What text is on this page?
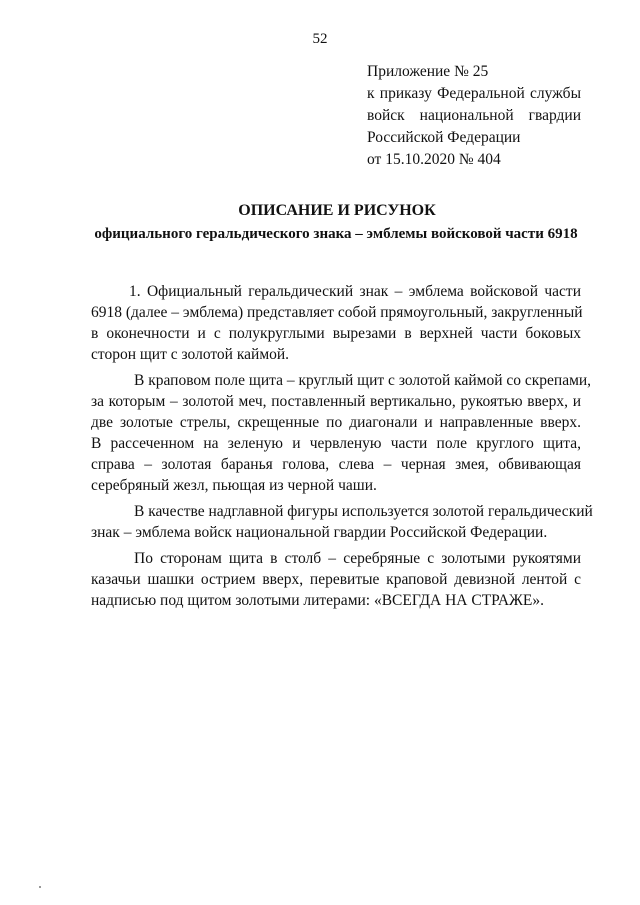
52
Приложение № 25
к приказу Федеральной службы
войск национальной гвардии
Российской Федерации
от 15.10.2020 № 404
ОПИСАНИЕ И РИСУНОК
официального геральдического знака – эмблемы войсковой части 6918
1. Официальный геральдический знак – эмблема войсковой части
6918 (далее – эмблема) представляет собой прямоугольный, закругленный
в оконечности и с полукруглыми вырезами в верхней части боковых
сторон щит с золотой каймой.
В краповом поле щита – круглый щит с золотой каймой со скрепами,
за которым – золотой меч, поставленный вертикально, рукоятью вверх, и
две золотые стрелы, скрещенные по диагонали и направленные вверх.
В рассеченном на зеленую и червленую части поле круглого щита,
справа – золотая баранья голова, слева – черная змея, обвивающая
серебряный жезл, пьющая из черной чаши.
В качестве надглавной фигуры используется золотой геральдический
знак – эмблема войск национальной гвардии Российской Федерации.
По сторонам щита в столб – серебряные с золотыми рукоятями
казачьи шашки острием вверх, перевитые краповой девизной лентой с
надписью под щитом золотыми литерами: «ВСЕГДА НА СТРАЖЕ».
